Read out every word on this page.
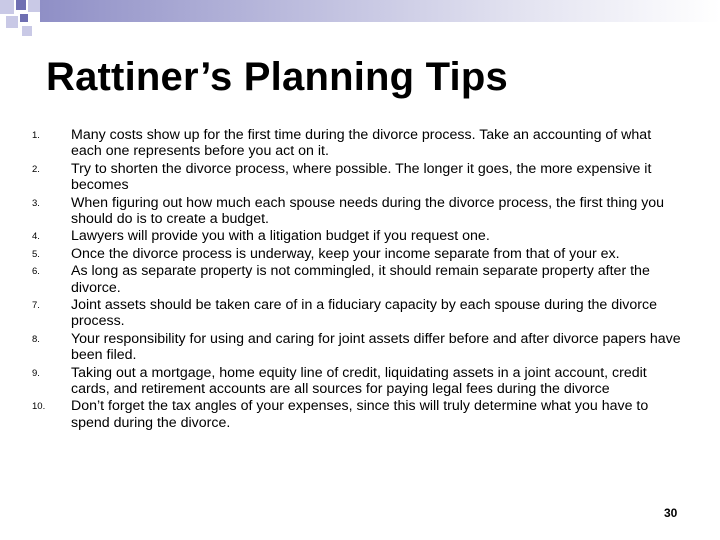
Rattiner’s Planning Tips
1.	Many costs show up for the first time during the divorce process. Take an accounting of what each one represents before you act on it.
2.	Try to shorten the divorce process, where possible. The longer it goes, the more expensive it becomes
3.	When figuring out how much each spouse needs during the divorce process, the first thing you should do is to create a budget.
4.	Lawyers will provide you with a litigation budget if you request one.
5.	Once the divorce process is underway, keep your income separate from that of your ex.
6.	As long as separate property is not commingled, it should remain separate property after the divorce.
7.	Joint assets should be taken care of in a fiduciary capacity by each spouse during the divorce process.
8.	Your responsibility for using and caring for joint assets differ before and after divorce papers have been filed.
9.	Taking out a mortgage, home equity line of credit, liquidating assets in a joint account, credit cards, and retirement accounts are all sources for paying legal fees during the divorce
10.	Don’t forget the tax angles of your expenses, since this will truly determine what you have to spend during the divorce.
30
